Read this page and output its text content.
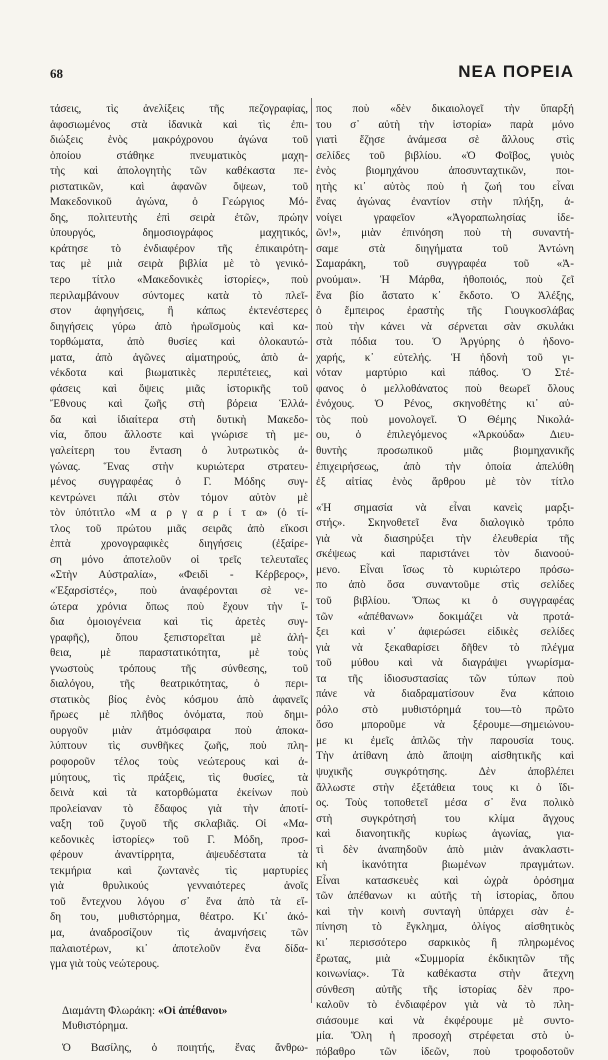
68	ΝΕΑ ΠΟΡΕΙΑ
τάσεις, τὶς ἀνελίξεις τῆς πεζογραφίας,
ἀφοσιωμένος στὰ ἰδανικὰ καὶ τὶς ἐπι-
διώξεις ἑνὸς μακρόχρονου ἀγώνα τοῦ
ὁποίου στάθηκε πνευματικὸς μαχη-
τὴς καὶ ἀπολογητὴς τῶν καθέκαστα πε-
ριστατικῶν, καὶ ἀφανῶν ὄψεων, τοῦ
Μακεδονικοῦ ἀγώνα, ὁ Γεώργιος Μό-
δης, πολιτευτὴς ἐπὶ σειρὰ ἐτῶν, πρώην
ὑπουργός, δημοσιογράφος μαχητικός,
κράτησε τὸ ἐνδιαφέρον τῆς ἐπικαιρότη-
τας μὲ μιὰ σειρὰ βιβλία μὲ τὸ γενικό-
τερο τίτλο «Μακεδονικὲς ἱστορίες», ποὺ
περιλαμβάνουν σύντομες κατὰ τὸ πλεῖ-
στον ἀφηγήσεις, ἢ κάπως ἐκτενέστερες
διηγήσεις γύρω ἀπὸ ἡρωϊσμοὺς καὶ κα-
τορθώματα, ἀπὸ θυσίες καὶ ὁλοκαυτώ-
ματα, ἀπὸ ἀγῶνες αἱματηρούς, ἀπὸ ἀ-
νέκδοτα καὶ βιωματικὲς περιπέτειες, καὶ
φάσεις καὶ ὄψεις μιᾶς ἱστορικῆς τοῦ
Ἔθνους καὶ ζωῆς στὴ βόρεια Ἑλλά-
δα καὶ ἰδιαίτερα στὴ δυτικὴ Μακεδο-
νία, ὅπου ἄλλοστε καὶ γνώρισε τὴ με-
γαλείτερη του ἔνταση ὁ λυτρωτικὸς ἀ-
γώνας. Ἕνας στὴν κυριώτερα στρατευ-
μένος συγγραφέας ὁ Γ. Μόδης συγ-
κεντρώνει πάλι στὸν τόμον αὐτὸν μὲ
τὸν ὑπότιτλο «Μ α ρ γ α ρ ί τ α» (ὁ τί-
τλος τοῦ πρώτου μιᾶς σειρᾶς ἀπὸ εἴκοσι
ἑπτὰ χρονογραφικὲς διηγήσεις (ἐξαίρε-
ση μόνο ἀποτελοῦν οἱ τρεῖς τελευταῖες
«Στὴν Αὐστραλία», «Φειδὶ - Κέρβερος»,
«Ἐξαρσίστές», ποὺ ἀναφέρονται σὲ νε-
ώτερα χρόνια ὅπως ποὺ ἔχουν τὴν ἴ-
δια ὁμοιογένεια καὶ τὶς ἀρετὲς συγ-
γραφῆς), ὅπου ξεπιστορεῖται μὲ ἀλή-
θεια, μὲ παραστατικότητα, μὲ τοὺς
γνωστοὺς τρόπους τῆς σύνθεσης, τοῦ
διαλόγου, τῆς θεατρικότητας, ὁ περι-
στατικὸς βίος ἑνὸς κόσμου ἀπὸ ἀφανεῖς
ἥρωες μὲ πλῆθος ὀνόματα, ποὺ δημι-
ουργοῦν μιὰν ἀτμόσφαιρα ποὺ ἀποκα-
λύπτουν τὶς συνθῆκες ζωῆς, ποὺ πλη-
ροφοροῦν τέλος τοὺς νεώτερους καὶ ἀ-
μύητους, τὶς πράξεις, τὶς θυσίες, τὰ
δεινὰ καὶ τὰ κατορθώματα ἐκείνων ποὺ
προλείαναν τὸ ἔδαφος γιὰ τὴν ἀποτί-
ναξη τοῦ ζυγοῦ τῆς σκλαβιᾶς. Οἱ «Μα-
κεδονικὲς ἱστορίες» τοῦ Γ. Μόδη, προσ-
φέρουν ἀναντίρρητα, ἀψευδέστατα τὰ
τεκμήρια καὶ ζωντανὲς τὶς μαρτυρίες
γιὰ θρυλικούς γενναιότερες ἀνοῖς
τοῦ ἔντεχνου λόγου σ᾿ ἕνα ἀπὸ τὰ εἴ-
δη του, μυθιστόρημα, θέατρο. Κι᾿ ἀκό-
μα, ἀναδροσίζουν τὶς ἀναμνήσεις τῶν
παλαιοτέρων, κι᾿ ἀποτελοῦν ἕνα δίδα-
γμα γιὰ τοὺς νεώτερους.
Διαμάντη Φλωράκη: «Οἱ ἀπέθανοι»
Μυθιστόρημα.
Ὁ Βασίλης, ὁ ποιητής, ἕνας ἄνθρω-
πος ποὺ «δὲν δικαιολογεῖ τὴν ὕπαρξή
του σ᾿ αὐτὴ τὴν ἱστορία» παρὰ μόνο
γιατὶ ἔζησε ἀνάμεσα σὲ ἄλλους στὶς
σελίδες τοῦ βιβλίου. «Ὁ Φοῖβος, γυιὸς
ἑνὸς βιομηχάνου ἀποσυνταχτικῶν, ποι-
ητὴς κι᾿ αὐτὸς ποὺ ἡ ζωή του εἶναι
ἕνας ἀγώνας ἐναντίον στὴν πλήξη, ἀ-
νοίγει γραφεῖον «Ἀγοραπωλησίας ἰδε-
ῶν!», μιὰν ἐπινόηση ποὺ τὴ συναντή-
σαμε στὰ διηγήματα τοῦ Ἀντώνη
Σαμαράκη, τοῦ συγγραφέα τοῦ «Ἀ-
ρνούμαι». Ἡ Μάρθα, ἠθοποιός, ποὺ ζεῖ
ἕνα βίο ἄστατο κ᾿ ἔκδοτο. Ὁ Ἀλέξης,
ὁ ἔμπειρος ἐραστὴς τῆς Γιουγκοσλάβας
ποὺ τὴν κάνει νὰ σέρνεται σὰν σκυλάκι
στὰ πόδια του. Ὁ Ἀργύρης ὁ ἡδονο-
χαρής, κ᾿ εὐτελής. Ἡ ἡδονὴ τοῦ γι-
νόταν μαρτύριο καὶ πάθος. Ὁ Στέ-
φανος ὁ μελλοθάνατος ποὺ θεωρεῖ ὅλους
ἐνόχους. Ὁ Ρένος, σκηνοθέτης κι᾿ αὐ-
τὸς ποὺ μονολογεῖ. Ὁ Θέμης Νικολά-
ου, ὁ ἐπιλεγόμενος «Ἀρκούδα» Διευ-
θυντὴς προσωπικοῦ μιᾶς βιομηχανικῆς
ἐπιχειρήσεως, ἀπὸ τὴν ὁποία ἀπελύθη
ἐξ αἰτίας ἑνὸς ἄρθρου μὲ τὸν τίτλο
«Ἡ σημασία νὰ εἶναι κανεὶς μαρξι-
στής». Σκηνοθετεῖ ἕνα διαλογικὸ τρόπο
γιὰ νὰ διασηρύξει τὴν ἐλευθερία τῆς
σκέψεως καὶ παριστάνει τὸν διανοού-
μενο. Εἶναι ἴσως τὸ κυριώτερο πρόσω-
πο ἀπὸ ὅσα συναντοῦμε στὶς σελίδες
τοῦ βιβλίου. Ὅπως κι ὁ συγγραφέας
τῶν «ἀπέθανων» δοκιμάζει νὰ προτά-
ξει καὶ ν᾿ ἀφιερώσει εἰδικὲς σελίδες
γιὰ νὰ ξεκαθαρίσει δῆθεν τὸ πλέγμα
τοῦ μύθου καὶ νὰ διαγράψει γνωρίσμα-
τα τῆς ἰδιοσυστασίας τῶν τύπων ποὺ
πάνε νὰ διαδραματίσουν ἕνα κάποιο
ρόλο στὸ μυθιστόρημά του—τὸ πρῶτο
ὅσο μποροῦμε νὰ ξέρουμε—σημειώνου-
με κι ἐμεῖς ἁπλῶς τὴν παρουσία τους.
Τὴν ἀτίθανη ἀπὸ ἄποψη αἰσθητικῆς καὶ
ψυχικῆς συγκρότησης. Δὲν ἀποβλέπει
ἄλλωστε στὴν ἐξετάθεια τους κι ὁ ἴδι-
ος. Τοὺς τοποθετεῖ μέσα σ᾿ ἕνα πολικὸ
στὴ συγκρότησή του κλίμα ἄγχους
καὶ διανοητικῆς κυρίως ἀγωνίας, για-
τὶ δὲν ἀναπηδοῦν ἀπὸ μιὰν ἀνακλαστι-
κὴ ἱκανότητα βιωμένων πραγμάτων.
Εἶναι κατασκευὲς καὶ ὠχρὰ ὁρόσημα
τῶν ἀπέθανων κι αὐτῆς τὴ ἱστορίας, ὅπου
καὶ τὴν κοινὴ συνταγὴ ὑπάρχει σὰν ἐ-
πίνηση τὸ ἔγκλημα, ὀλίγος αἰσθητικὸς
κι᾿ περισσότερο σαρκικὸς ἢ πληρωμένος
ἔρωτας, μιὰ «Συμμορία ἐκδικητῶν τῆς
κοινωνίας». Τὰ καθέκαστα στὴν ἄτεχνη
σύνθεση αὐτῆς τῆς ἱστορίας δὲν προ-
καλοῦν τὸ ἐνδιαφέρον γιὰ νὰ τὸ πλη-
σιάσουμε καὶ νὰ ἐκφέρουμε μὲ συντο-
μία. Ὅλη ἡ προσοχὴ στρέφεται στὸ ὑ-
πόβαθρο τῶν ἰδεῶν, ποὺ τροφοδοτοῦν
